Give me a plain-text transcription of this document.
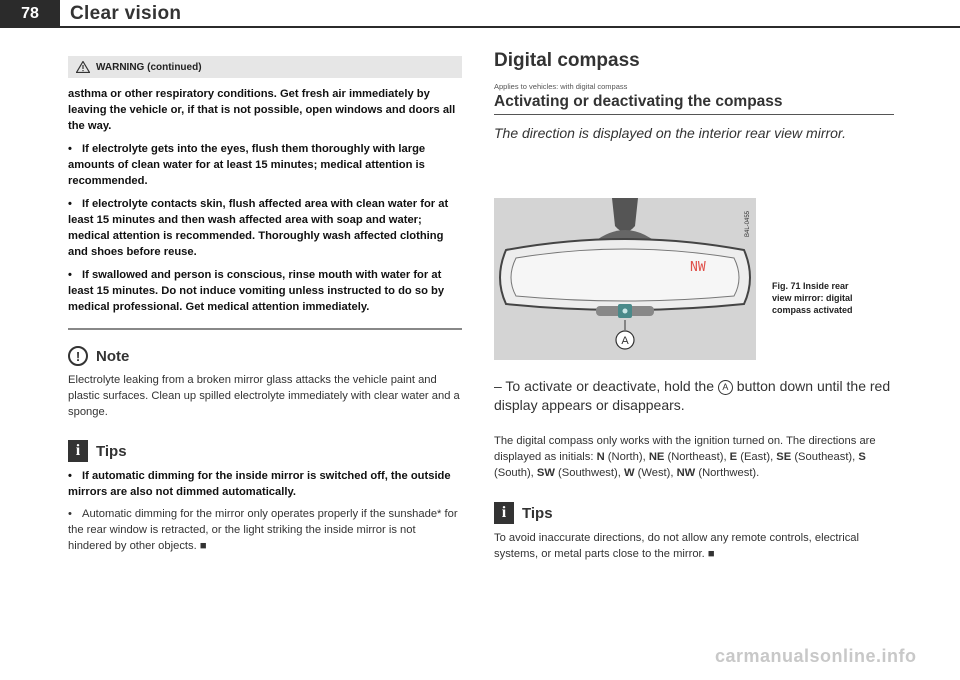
78	Clear vision
WARNING (continued)

asthma or other respiratory conditions. Get fresh air immediately by leaving the vehicle or, if that is not possible, open windows and doors all the way.

• If electrolyte gets into the eyes, flush them thoroughly with large amounts of clean water for at least 15 minutes; medical attention is recommended.

• If electrolyte contacts skin, flush affected area with clean water for at least 15 minutes and then wash affected area with soap and water; medical attention is recommended. Thoroughly wash affected clothing and shoes before reuse.

• If swallowed and person is conscious, rinse mouth with water for at least 15 minutes. Do not induce vomiting unless instructed to do so by medical professional. Get medical attention immediately.

!	Note

Electrolyte leaking from a broken mirror glass attacks the vehicle paint and plastic surfaces. Clean up spilled electrolyte immediately with clear water and a sponge.

i	Tips

• If automatic dimming for the inside mirror is switched off, the outside mirrors are also not dimmed automatically.

• Automatic dimming for the mirror only operates properly if the sunshade* for the rear window is retracted, or the light striking the inside mirror is not hindered by other objects. ■

Digital compass

Applies to vehicles: with digital compass

Activating or deactivating the compass

The direction is displayed on the interior rear view mirror.

NW
A
B4L-0455
Fig. 71 Inside rear
view mirror: digital
compass activated
– To activate or deactivate, hold the A button down until the red display appears or disappears.
The digital compass only works with the ignition turned on. The directions are displayed as initials: N (North), NE (Northeast), E (East), SE (Southeast), S (South), SW (Southwest), W (West), NW (Northwest).
i	Tips

To avoid inaccurate directions, do not allow any remote controls, electrical systems, or metal parts close to the mirror. ■

carmanualsonline.info
